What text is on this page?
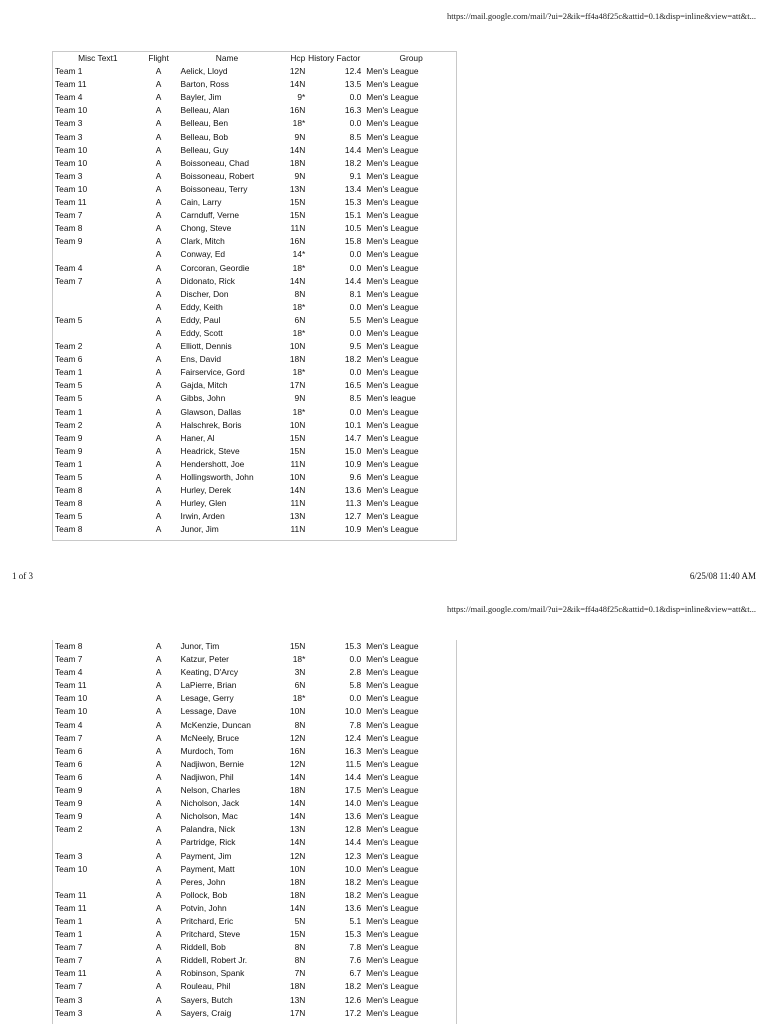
https://mail.google.com/mail/?ui=2&ik=ff4a48f25c&attid=0.1&disp=inline&view=att&t...
Misc Text1	Flight	Name	Hcp	History Factor	Group
Team 1	A	Aelick, Lloyd	12N	12.4	Men's League
Team 11	A	Barton, Ross	14N	13.5	Men's League
Team 4	A	Bayler, Jim	9*	0.0	Men's League
Team 10	A	Belleau, Alan	16N	16.3	Men's League
Team 3	A	Belleau, Ben	18*	0.0	Men's League
Team 3	A	Belleau, Bob	9N	8.5	Men's League
Team 10	A	Belleau, Guy	14N	14.4	Men's League
Team 10	A	Boissoneau, Chad	18N	18.2	Men's League
Team 3	A	Boissoneau, Robert	9N	9.1	Men's League
Team 10	A	Boissoneau, Terry	13N	13.4	Men's League
Team 11	A	Cain, Larry	15N	15.3	Men's League
Team 7	A	Carnduff, Verne	15N	15.1	Men's League
Team 8	A	Chong, Steve	11N	10.5	Men's League
Team 9	A	Clark, Mitch	16N	15.8	Men's League
	A	Conway, Ed	14*	0.0	Men's League
Team 4	A	Corcoran, Geordie	18*	0.0	Men's League
Team 7	A	Didonato, Rick	14N	14.4	Men's League
	A	Discher, Don	8N	8.1	Men's League
	A	Eddy, Keith	18*	0.0	Men's League
Team 5	A	Eddy, Paul	6N	5.5	Men's League
	A	Eddy, Scott	18*	0.0	Men's League
Team 2	A	Elliott, Dennis	10N	9.5	Men's League
Team 6	A	Ens, David	18N	18.2	Men's League
Team 1	A	Fairservice, Gord	18*	0.0	Men's League
Team 5	A	Gajda, Mitch	17N	16.5	Men's League
Team 5	A	Gibbs, John	9N	8.5	Men's league
Team 1	A	Glawson, Dallas	18*	0.0	Men's League
Team 2	A	Halschrek, Boris	10N	10.1	Men's League
Team 9	A	Haner, Al	15N	14.7	Men's League
Team 9	A	Headrick, Steve	15N	15.0	Men's League
Team 1	A	Hendershott, Joe	11N	10.9	Men's League
Team 5	A	Hollingsworth, John	10N	9.6	Men's League
Team 8	A	Hurley, Derek	14N	13.6	Men's League
Team 8	A	Hurley, Glen	11N	11.3	Men's League
Team 5	A	Irwin, Arden	13N	12.7	Men's League
Team 8	A	Junor, Jim	11N	10.9	Men's League
1 of 3	6/25/08 11:40 AM
https://mail.google.com/mail/?ui=2&ik=ff4a48f25c&attid=0.1&disp=inline&view=att&t...
Team 8	A	Junor, Tim	15N	15.3	Men's League
Team 7	A	Katzur, Peter	18*	0.0	Men's League
Team 4	A	Keating, D'Arcy	3N	2.8	Men's League
Team 11	A	LaPierre, Brian	6N	5.8	Men's League
Team 10	A	Lesage, Gerry	18*	0.0	Men's League
Team 10	A	Lessage, Dave	10N	10.0	Men's League
Team 4	A	McKenzie, Duncan	8N	7.8	Men's League
Team 7	A	McNeely, Bruce	12N	12.4	Men's League
Team 6	A	Murdoch, Tom	16N	16.3	Men's League
Team 6	A	Nadjiwon, Bernie	12N	11.5	Men's League
Team 6	A	Nadjiwon, Phil	14N	14.4	Men's League
Team 9	A	Nelson, Charles	18N	17.5	Men's League
Team 9	A	Nicholson, Jack	14N	14.0	Men's League
Team 9	A	Nicholson, Mac	14N	13.6	Men's League
Team 2	A	Palandra, Nick	13N	12.8	Men's League
	A	Partridge, Rick	14N	14.4	Men's League
Team 3	A	Payment, Jim	12N	12.3	Men's League
Team 10	A	Payment, Matt	10N	10.0	Men's League
	A	Peres, John	18N	18.2	Men's League
Team 11	A	Pollock, Bob	18N	18.2	Men's League
Team 11	A	Potvin, John	14N	13.6	Men's League
Team 1	A	Pritchard, Eric	5N	5.1	Men's League
Team 1	A	Pritchard, Steve	15N	15.3	Men's League
Team 7	A	Riddell, Bob	8N	7.8	Men's League
Team 7	A	Riddell, Robert Jr.	8N	7.6	Men's League
Team 11	A	Robinson, Spank	7N	6.7	Men's League
Team 7	A	Rouleau, Phil	18N	18.2	Men's League
Team 3	A	Sayers, Butch	13N	12.6	Men's League
Team 3	A	Sayers, Craig	17N	17.2	Men's League
